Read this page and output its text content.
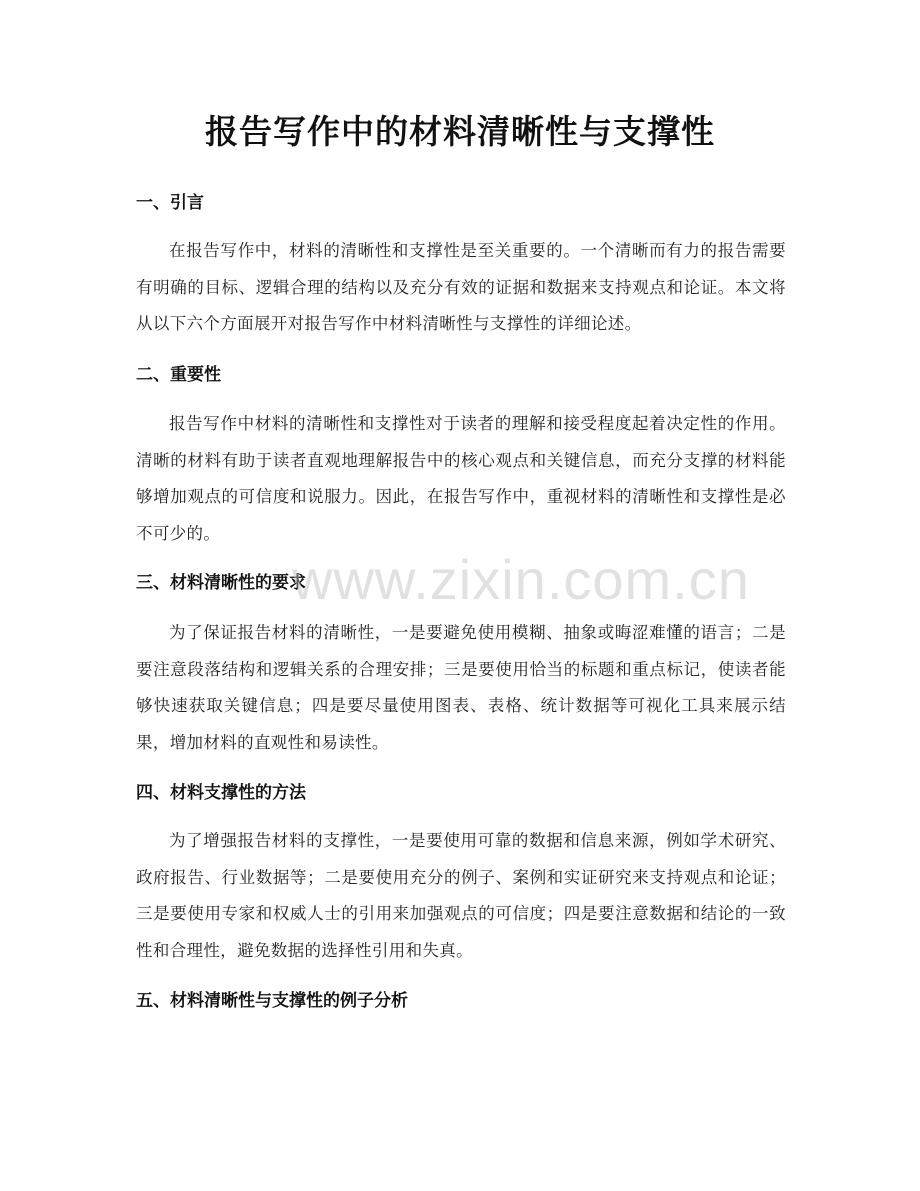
报告写作中的材料清晰性与支撑性
一、引言
在报告写作中，材料的清晰性和支撑性是至关重要的。一个清晰而有力的报告需要有明确的目标、逻辑合理的结构以及充分有效的证据和数据来支持观点和论证。本文将从以下六个方面展开对报告写作中材料清晰性与支撑性的详细论述。
二、重要性
报告写作中材料的清晰性和支撑性对于读者的理解和接受程度起着决定性的作用。清晰的材料有助于读者直观地理解报告中的核心观点和关键信息，而充分支撑的材料能够增加观点的可信度和说服力。因此，在报告写作中，重视材料的清晰性和支撑性是必不可少的。
三、材料清晰性的要求
为了保证报告材料的清晰性，一是要避免使用模糊、抽象或晦涩难懂的语言；二是要注意段落结构和逻辑关系的合理安排；三是要使用恰当的标题和重点标记，使读者能够快速获取关键信息；四是要尽量使用图表、表格、统计数据等可视化工具来展示结果，增加材料的直观性和易读性。
四、材料支撑性的方法
为了增强报告材料的支撑性，一是要使用可靠的数据和信息来源，例如学术研究、政府报告、行业数据等；二是要使用充分的例子、案例和实证研究来支持观点和论证；三是要使用专家和权威人士的引用来加强观点的可信度；四是要注意数据和结论的一致性和合理性，避免数据的选择性引用和失真。
五、材料清晰性与支撑性的例子分析
www.zixin.com.cn
